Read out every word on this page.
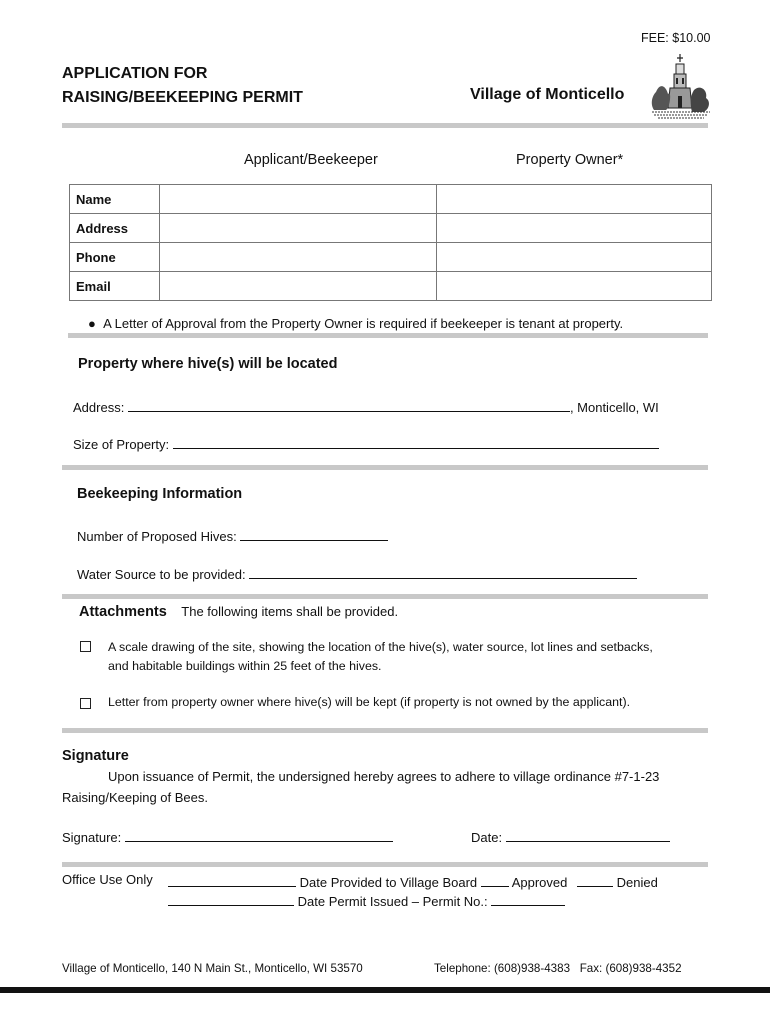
FEE: $10.00
APPLICATION FOR
RAISING/BEEKEEPING PERMIT	Village of Monticello
Applicant/Beekeeper	Property Owner*
Name		
Address		
Phone		
Email		
● A Letter of Approval from the Property Owner is required if beekeeper is tenant at property.
Property where hive(s) will be located
Address:	, Monticello, WI
Size of Property:
Beekeeping Information
Number of Proposed Hives:
Water Source to be provided:
Attachments The following items shall be provided.
A scale drawing of the site, showing the location of the hive(s), water source, lot lines and setbacks,
and habitable buildings within 25 feet of the hives.
Letter from property owner where hive(s) will be kept (if property is not owned by the applicant).
Signature
Upon issuance of Permit, the undersigned hereby agrees to adhere to village ordinance #7-1-23
Raising/Keeping of Bees.
Signature:	Date:
Office Use Only	Date Provided to Village Board	Approved	Denied
Date Permit Issued – Permit No.:
Village of Monticello, 140 N Main St., Monticello, WI 53570	Telephone: (608)938-4383 Fax: (608)938-4352
